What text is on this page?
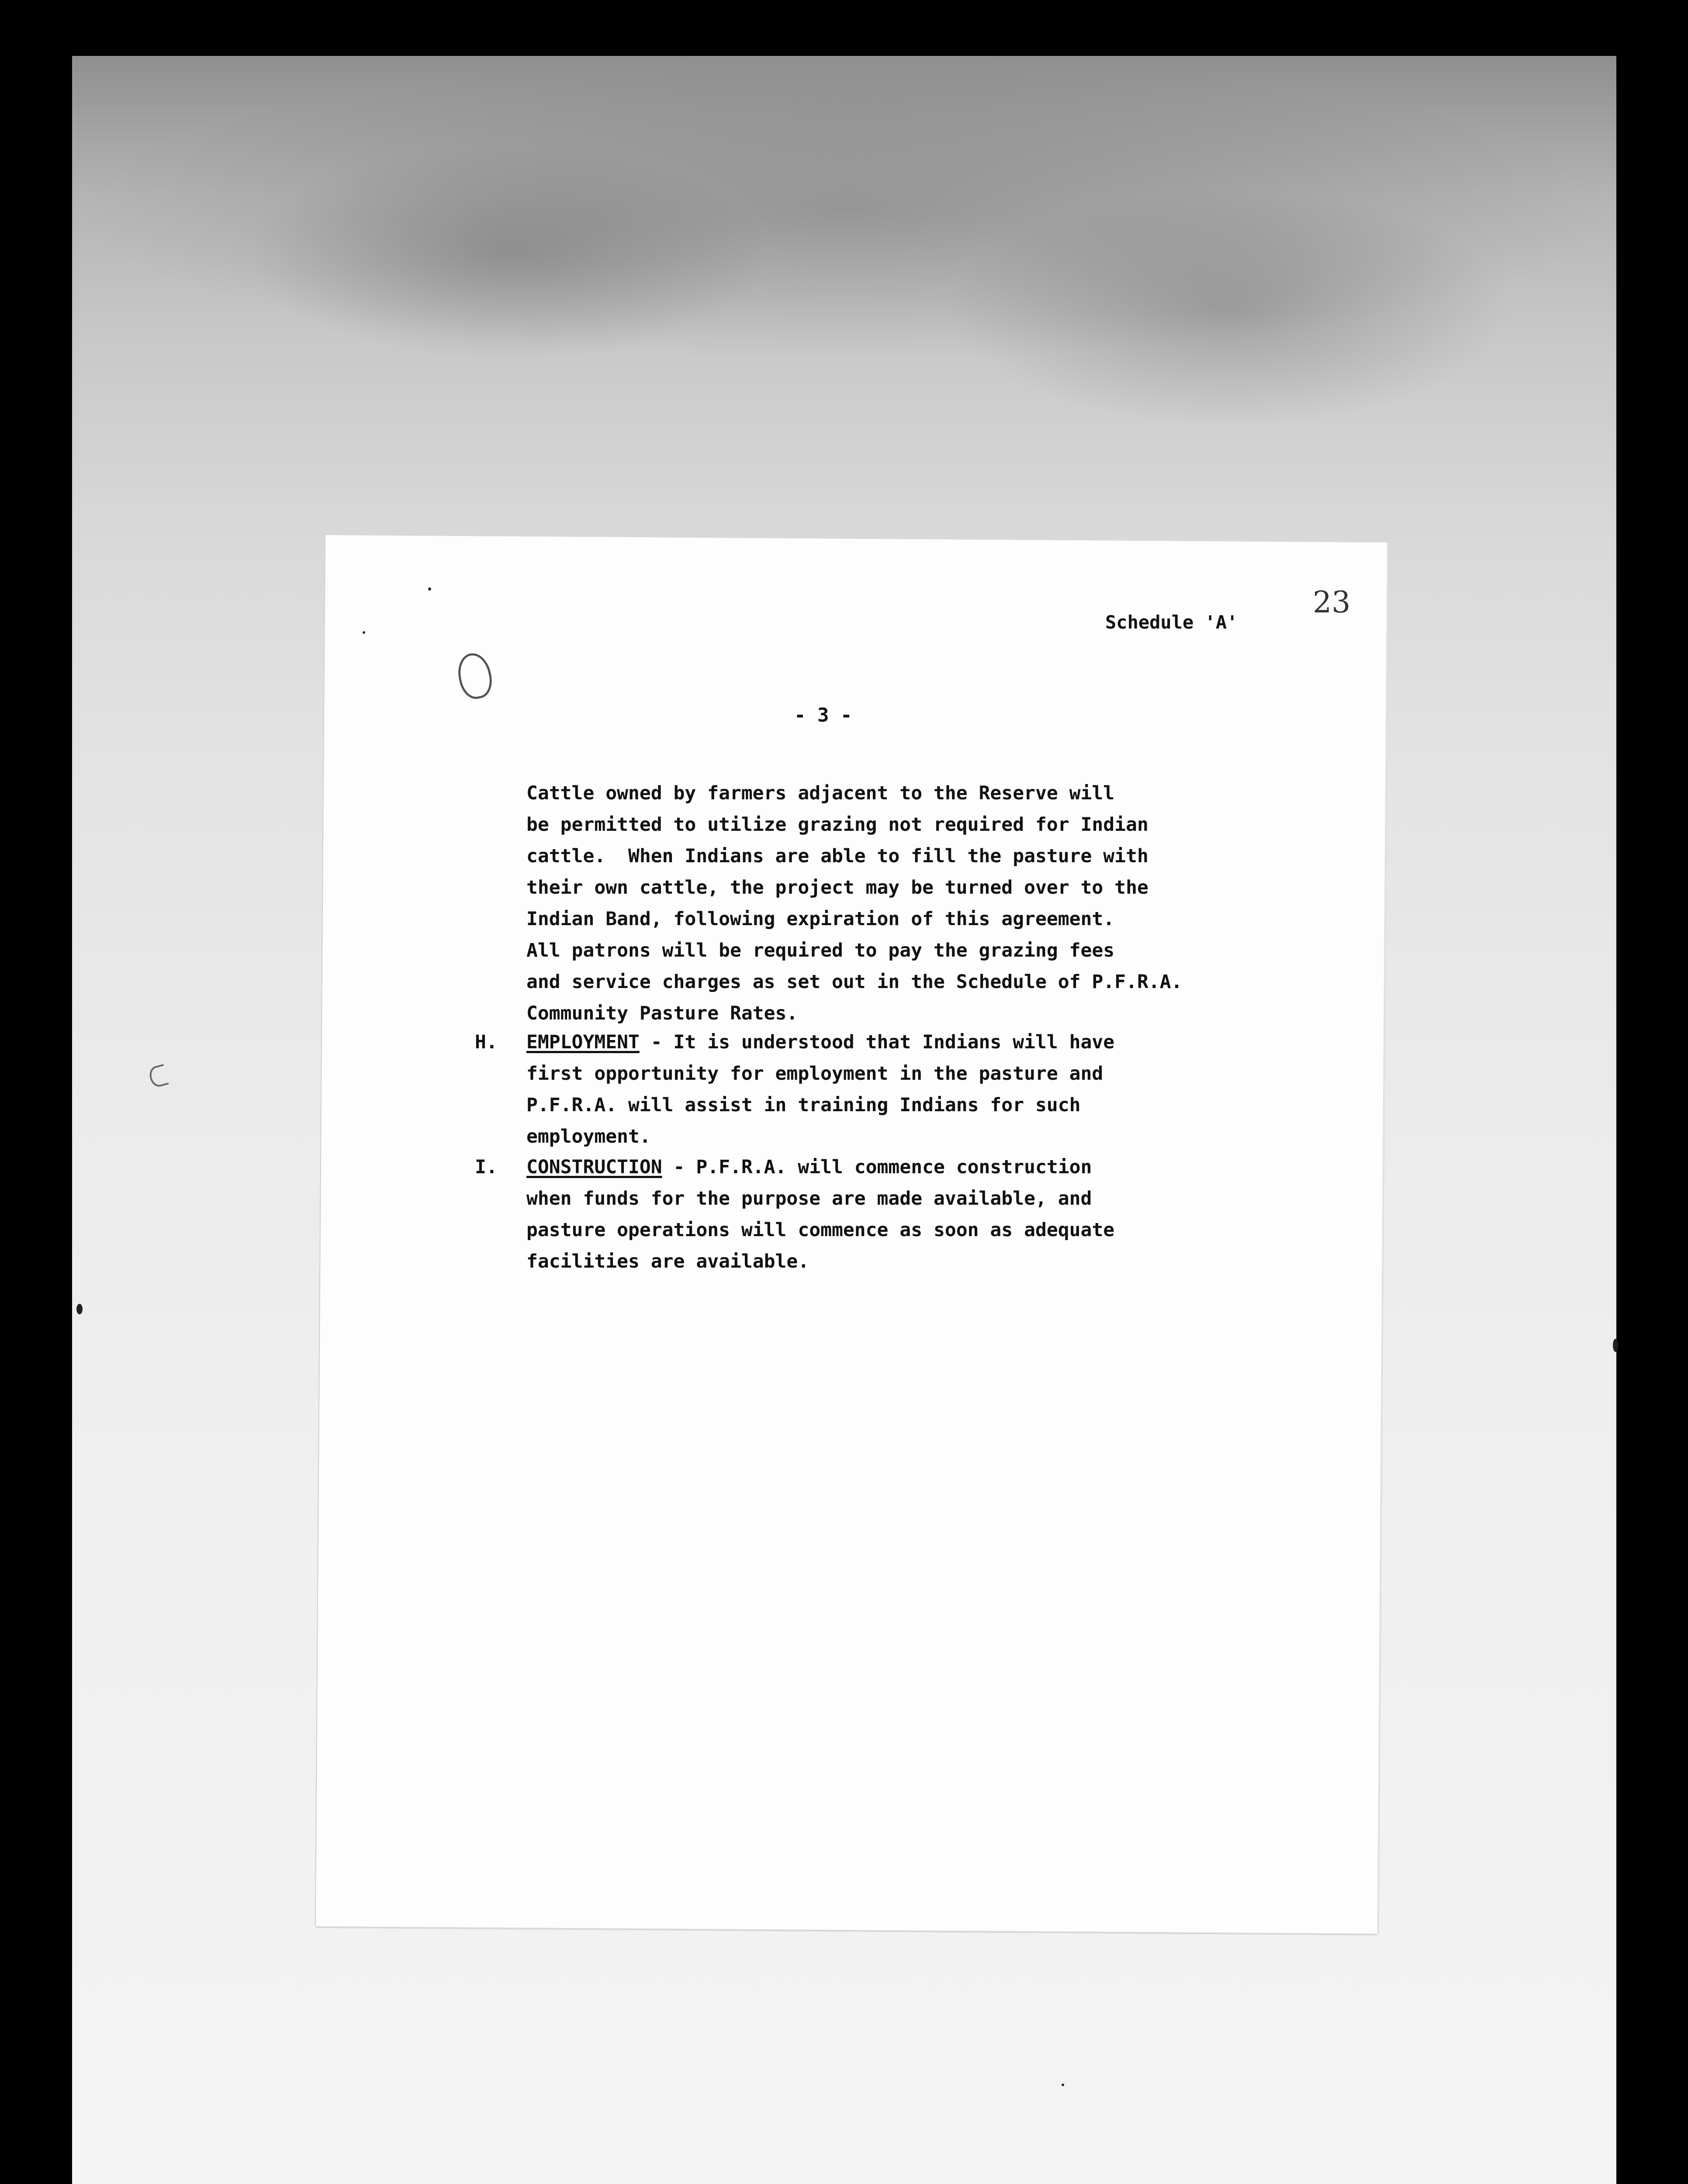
23
Schedule 'A'
- 3 -
Cattle owned by farmers adjacent to the Reserve will
be permitted to utilize grazing not required for Indian
cattle.  When Indians are able to fill the pasture with
their own cattle, the project may be turned over to the
Indian Band, following expiration of this agreement.
All patrons will be required to pay the grazing fees
and service charges as set out in the Schedule of P.F.R.A.
Community Pasture Rates.
H. EMPLOYMENT - It is understood that Indians will have
first opportunity for employment in the pasture and
P.F.R.A. will assist in training Indians for such
employment.
I. CONSTRUCTION - P.F.R.A. will commence construction
when funds for the purpose are made available, and
pasture operations will commence as soon as adequate
facilities are available.
